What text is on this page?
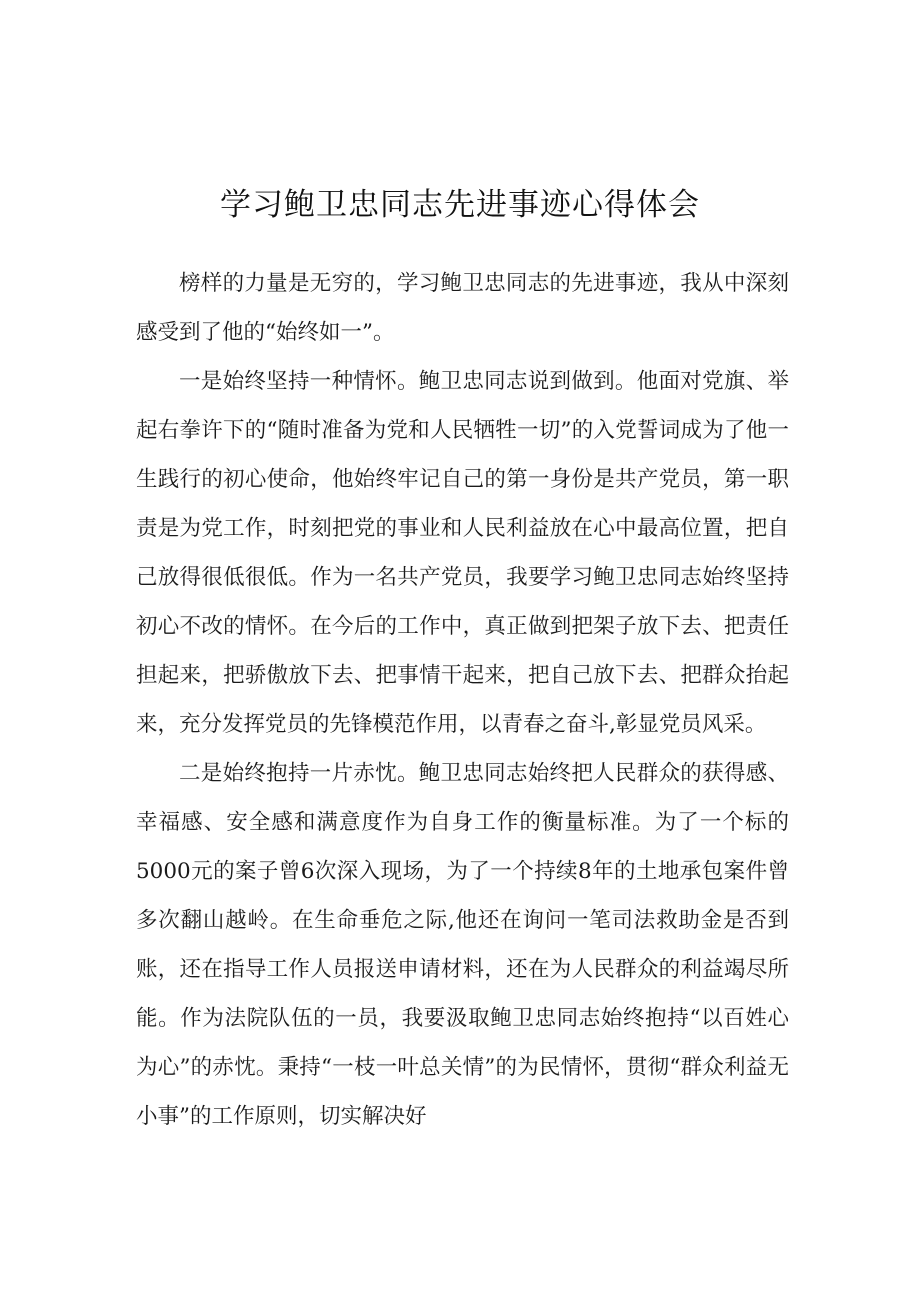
学习鲍卫忠同志先进事迹心得体会

榜样的力量是无穷的，学习鲍卫忠同志的先进事迹，我从中深刻感受到了他的“始终如一”。

一是始终坚持一种情怀。鲍卫忠同志说到做到。他面对党旗、举起右拳许下的“随时准备为党和人民牺牲一切”的入党誓词成为了他一生践行的初心使命，他始终牢记自己的第一身份是共产党员，第一职责是为党工作，时刻把党的事业和人民利益放在心中最高位置，把自己放得很低很低。作为一名共产党员，我要学习鲍卫忠同志始终坚持初心不改的情怀。在今后的工作中，真正做到把架子放下去、把责任担起来，把骄傲放下去、把事情干起来，把自己放下去、把群众抬起来，充分发挥党员的先锋模范作用，以青春之奋斗,彰显党员风采。

二是始终抱持一片赤忱。鲍卫忠同志始终把人民群众的获得感、幸福感、安全感和满意度作为自身工作的衡量标准。为了一个标的5000元的案子曾6次深入现场，为了一个持续8年的土地承包案件曾多次翻山越岭。在生命垂危之际,他还在询问一笔司法救助金是否到账，还在指导工作人员报送申请材料，还在为人民群众的利益竭尽所能。作为法院队伍的一员，我要汲取鲍卫忠同志始终抱持“以百姓心为心”的赤忱。秉持“一枝一叶总关情”的为民情怀，贯彻“群众利益无小事”的工作原则，切实解决好
